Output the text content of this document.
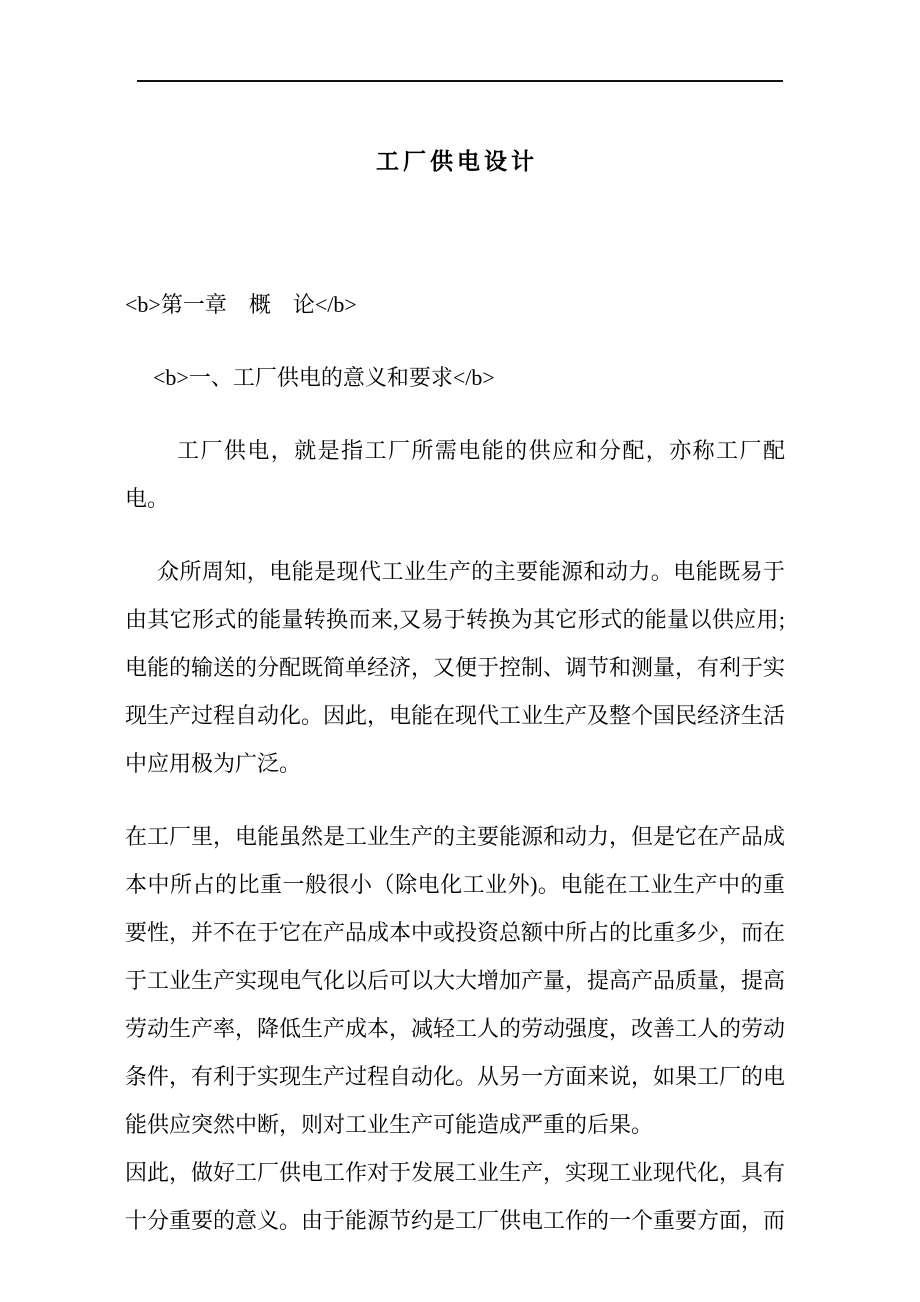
工厂供电设计

<b>第一章　概　论</b>

<b>一、工厂供电的意义和要求</b>

工厂供电，就是指工厂所需电能的供应和分配，亦称工厂配电。

众所周知，电能是现代工业生产的主要能源和动力。电能既易于由其它形式的能量转换而来,又易于转换为其它形式的能量以供应用;电能的输送的分配既简单经济，又便于控制、调节和测量，有利于实现生产过程自动化。因此，电能在现代工业生产及整个国民经济生活中应用极为广泛。

在工厂里，电能虽然是工业生产的主要能源和动力，但是它在产品成本中所占的比重一般很小（除电化工业外)。电能在工业生产中的重要性，并不在于它在产品成本中或投资总额中所占的比重多少，而在于工业生产实现电气化以后可以大大增加产量，提高产品质量，提高劳动生产率，降低生产成本，减轻工人的劳动强度，改善工人的劳动条件，有利于实现生产过程自动化。从另一方面来说，如果工厂的电能供应突然中断，则对工业生产可能造成严重的后果。

因此，做好工厂供电工作对于发展工业生产，实现工业现代化，具有十分重要的意义。由于能源节约是工厂供电工作的一个重要方面，而
